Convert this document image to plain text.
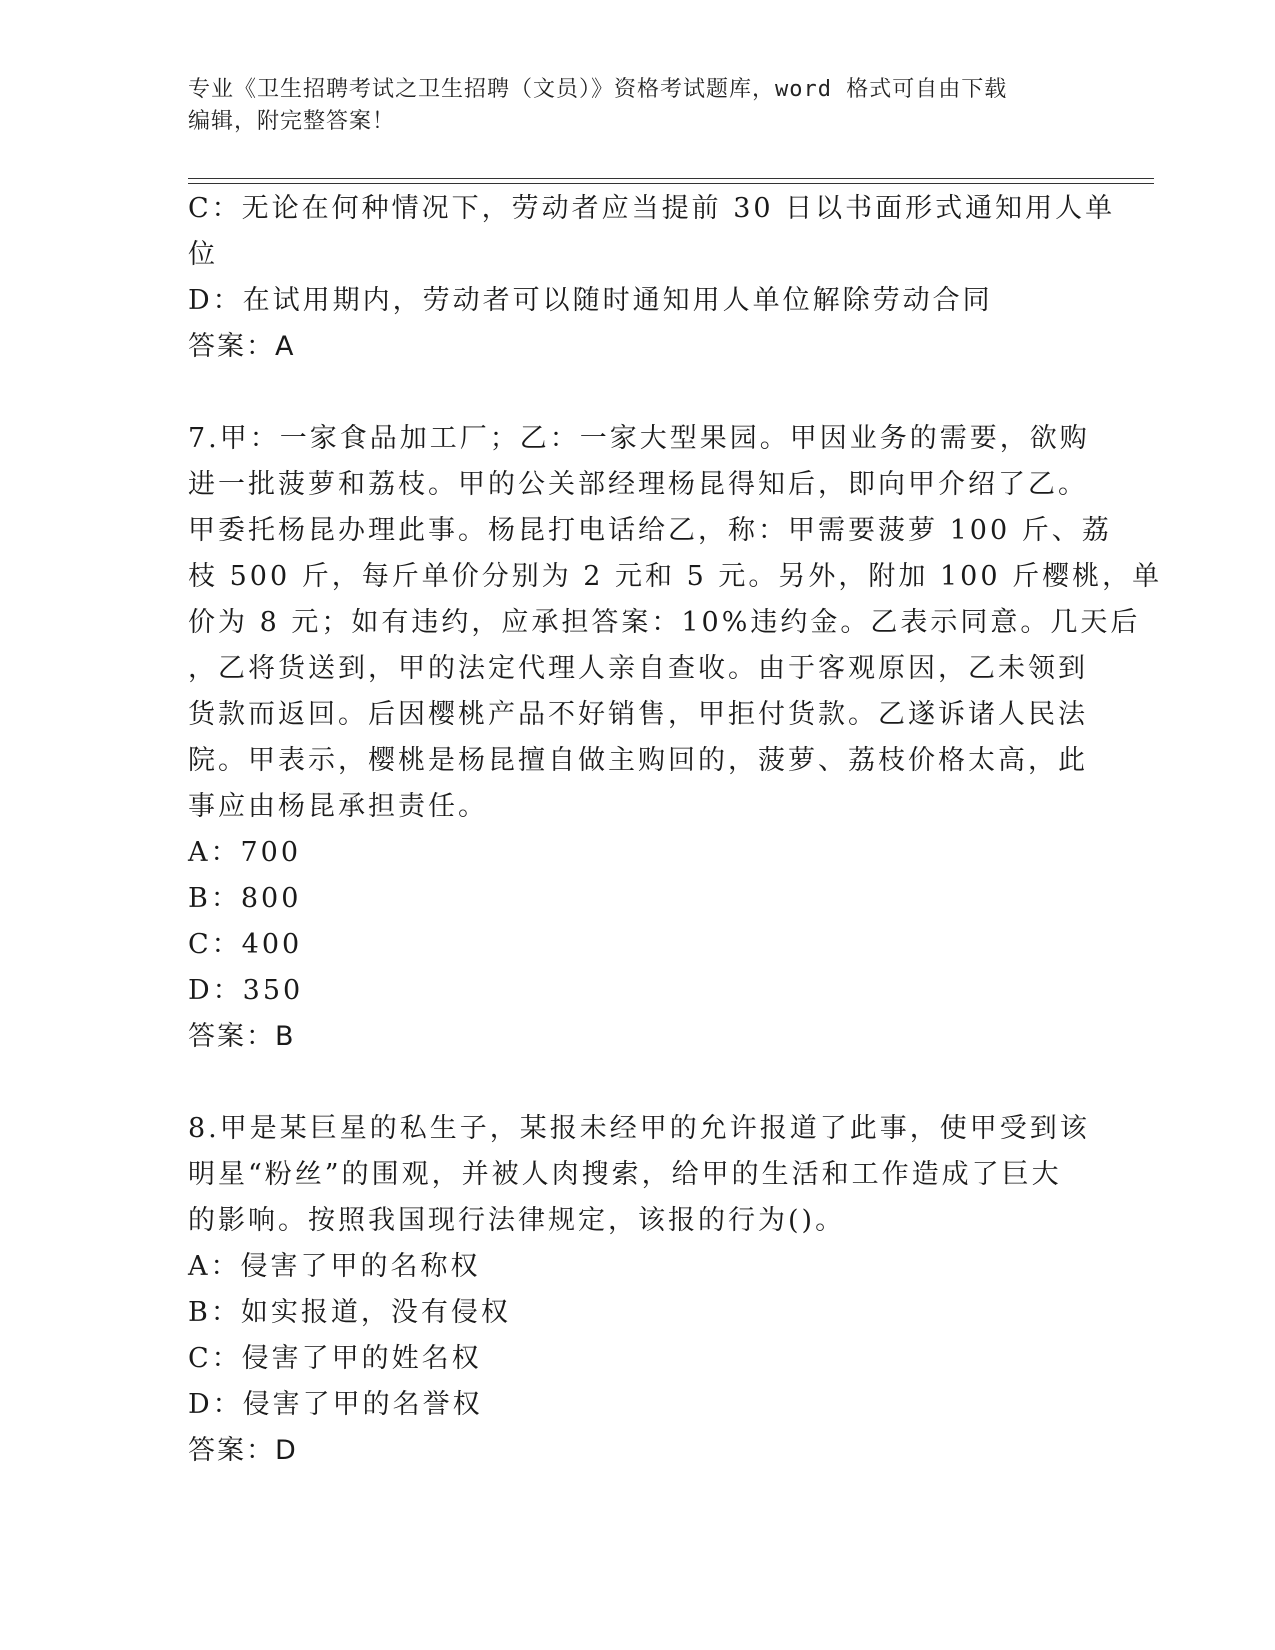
专业《卫生招聘考试之卫生招聘（文员）》资格考试题库，word 格式可自由下载
编辑，附完整答案！
C：无论在何种情况下，劳动者应当提前 30 日以书面形式通知用人单
位
D：在试用期内，劳动者可以随时通知用人单位解除劳动合同
答案：A
7.甲：一家食品加工厂；乙：一家大型果园。甲因业务的需要，欲购
进一批菠萝和荔枝。甲的公关部经理杨昆得知后，即向甲介绍了乙。
甲委托杨昆办理此事。杨昆打电话给乙，称：甲需要菠萝 100 斤、荔
枝 500 斤，每斤单价分别为 2 元和 5 元。另外，附加 100 斤樱桃，单
价为 8 元；如有违约，应承担答案：10%违约金。乙表示同意。几天后
，乙将货送到，甲的法定代理人亲自查收。由于客观原因，乙未领到
货款而返回。后因樱桃产品不好销售，甲拒付货款。乙遂诉诸人民法
院。甲表示，樱桃是杨昆擅自做主购回的，菠萝、荔枝价格太高，此
事应由杨昆承担责任。
A：700
B：800
C：400
D：350
答案：B
8.甲是某巨星的私生子，某报未经甲的允许报道了此事，使甲受到该
明星“粉丝”的围观，并被人肉搜索，给甲的生活和工作造成了巨大
的影响。按照我国现行法律规定，该报的行为()。
A：侵害了甲的名称权
B：如实报道，没有侵权
C：侵害了甲的姓名权
D：侵害了甲的名誉权
答案：D
